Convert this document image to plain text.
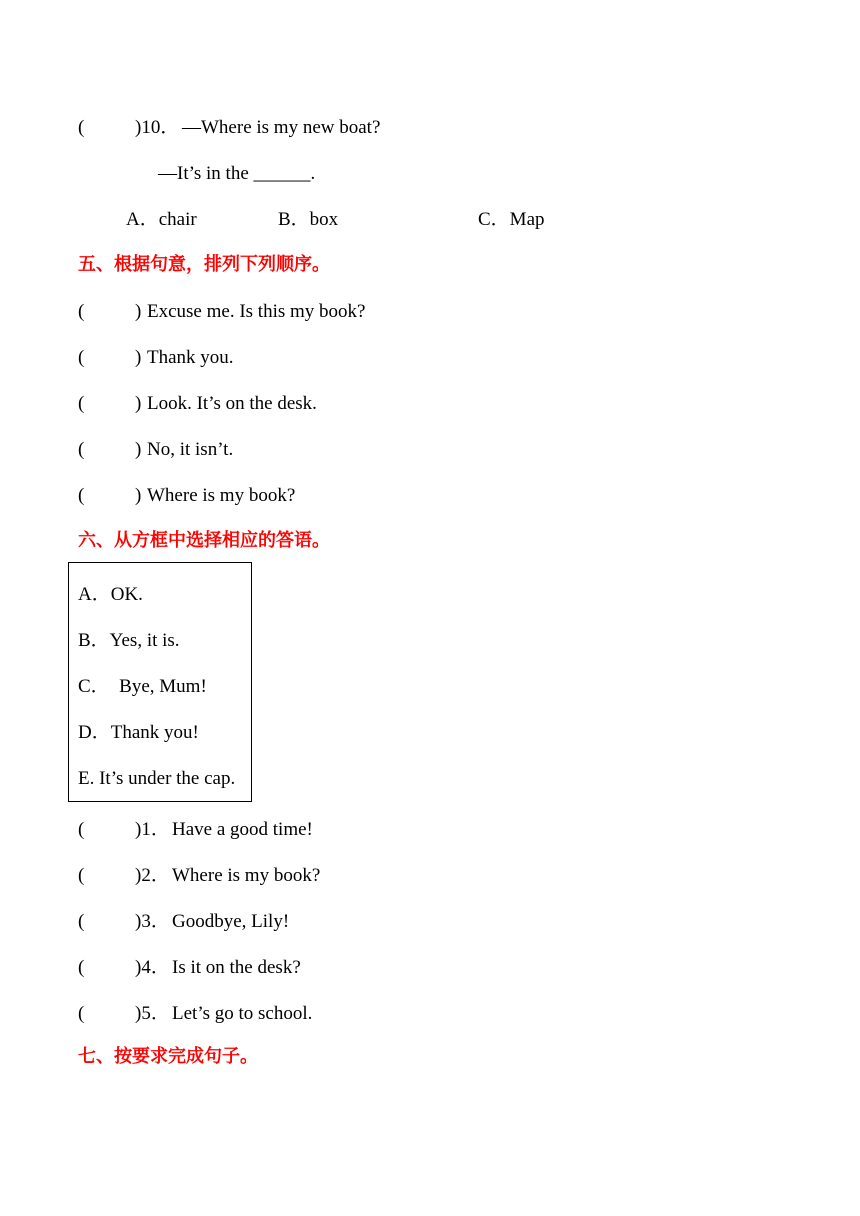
(	)10． —Where is my new boat?
—It’s in the ______.
A．chair	B．box	C．Map
五、根据句意，排列下列顺序。
(	) Excuse me. Is this my book?
(	) Thank you.
(	) Look. It’s on the desk.
(	) No, it isn’t.
(	) Where is my book?
六、从方框中选择相应的答语。
A．OK.
B．Yes, it is.
C．  Bye, Mum!
D．Thank you!
E. It’s under the cap.
(	)1． Have a good time!
(	)2． Where is my book?
(	)3． Goodbye, Lily!
(	)4． Is it on the desk?
(	)5． Let’s go to school.
七、按要求完成句子。
